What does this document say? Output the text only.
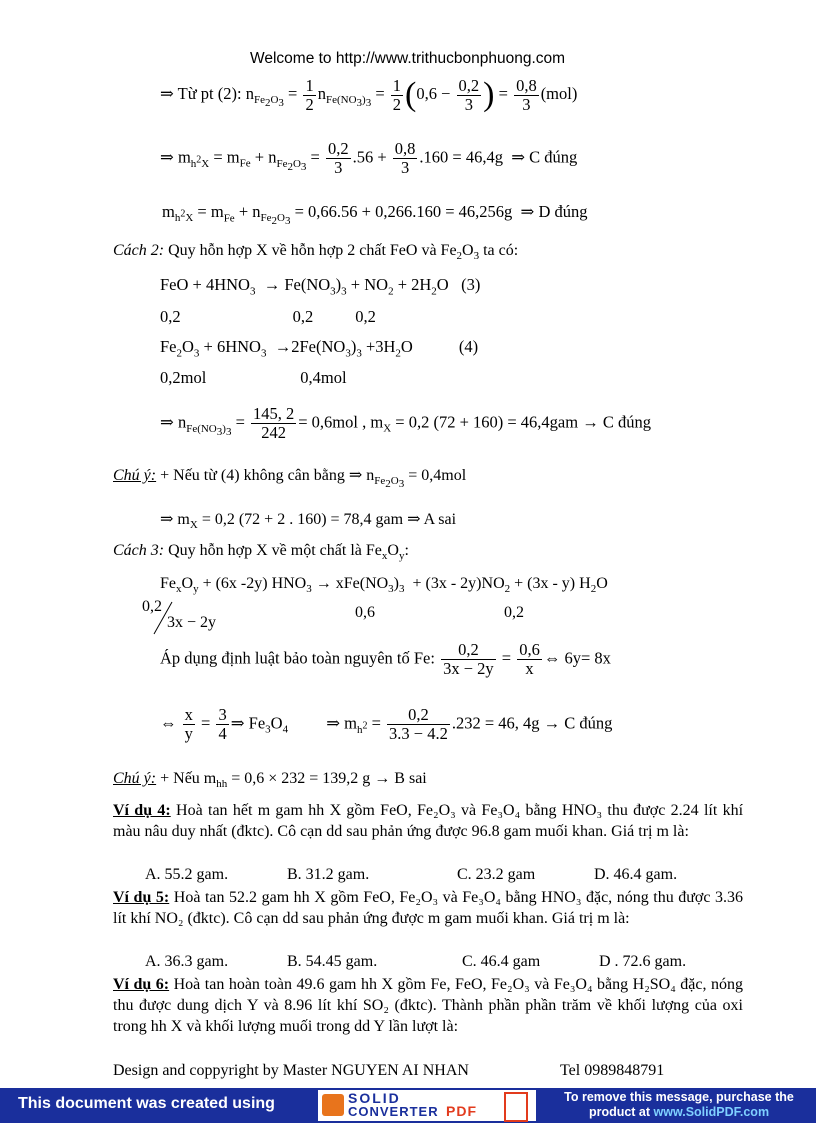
Welcome to http://www.trithucbonphuong.com
⇒ Từ pt (2): $n_{Fe_2O_3} = \frac{1}{2} n_{Fe(NO_3)_3} = \frac{1}{2} (0,6 - \frac{0,2}{3}$ ) = $\frac{0,8}{3} (mol)$
⇒ $m_{h^2X} = m_{Fe} + n_{Fe_2O_3} = \frac{0,2}{3} .56 + \frac{0,8}{3} .160 = 46,4g$ ⇒ C đúng
$m_{h^2X} = m_{Fe} + n_{Fe_2O_3} = 0,66.56 + 0,266.160 = 46,256g$ ⇒ D đúng
Cách 2: Quy hỗn hợp X về hỗn hợp 2 chất FeO và $Fe_2O_3$ ta có:
FeO + $4HNO_3 \to Fe(NO_3)_3 + NO_2 + 2H_2O$ (3)
0,2	0,2	0,2
$Fe_2O_3 + 6HNO_3 \to 2Fe(NO_3)_3 +3H_2O$	(4)
0,2mol	0,4mol
⇒ $n_{Fe(NO_3)_3} = \frac{145, 2}{242} = 0,6mol$ , $m_X = 0,2$ (72 + 160) = 46,4gam → C đúng
Chú ý: + Nếu từ (4) không cân bằng ⇒ $n_{Fe_2O_3} = 0,4mol$
⇒ $m_X = 0,2$ (72 + 2 . 160) = 78,4 gam ⇒ A sai
Cách 3: Quy hỗn hợp X về một chất là $Fe_xO_y$:
$Fe_xO_y + (6x$ -2y) $HNO_3 \to xFe(NO_3)_3 + (3x - 2y)NO_2 + (3x - y)$ $H_2O$
0,2
3x − 2y
0,6	0,2
Áp dụng định luật bảo toàn nguyên tố Fe: $\frac{0,2}{3x - 2y} = \frac{0,6}{x}$ ⇔ 6y= 8x
⇔ $\frac{x}{y} = \frac{3}{4}$ ⇒ $Fe_3O_4$ ⇒ $m_{h^2} = \frac{0,2}{3.3 - 4.2} .232 = 46$, 4g → C đúng
Chú ý: + Nếu $m_{hh} = 0,6 \times 232 = 139,2$ g → B sai
Ví dụ 4: Hoà tan hết m gam hh X gồm FeO, Fe₂O₃ và Fe₃O₄ bằng HNO₃ thu được 2.24 lít khí màu nâu duy nhất (đktc). Cô cạn dd sau phản ứng được 96.8 gam muối khan. Giá trị m là:
A. 55.2 gam.	B. 31.2 gam.	C. 23.2 gam	D. 46.4 gam.
Ví dụ 5: Hoà tan 52.2 gam hh X gồm FeO, Fe₂O₃ và Fe₃O₄ bằng HNO₃ đặc, nóng thu được 3.36 lít khí NO₂ (đktc). Cô cạn dd sau phản ứng được m gam muối khan. Giá trị m là:
A. 36.3 gam.	B. 54.45 gam.	C. 46.4 gam	D . 72.6 gam.
Ví dụ 6: Hoà tan hoàn toàn 49.6 gam hh X gồm Fe, FeO, Fe₂O₃ và Fe₃O₄ bằng H₂SO₄ đặc, nóng thu được dung dịch Y và 8.96 lít khí SO₂ (đktc). Thành phần phần trăm về khối lượng của oxi trong hh X và khối lượng muối trong dd Y lần lượt là:
Design and coppyright by Master NGUYEN AI NHAN	Tel 0989848791
This document was created using	SOLID
CONVERTER PDF
To remove this message, purchase the
product at www.SolidPDF.com
